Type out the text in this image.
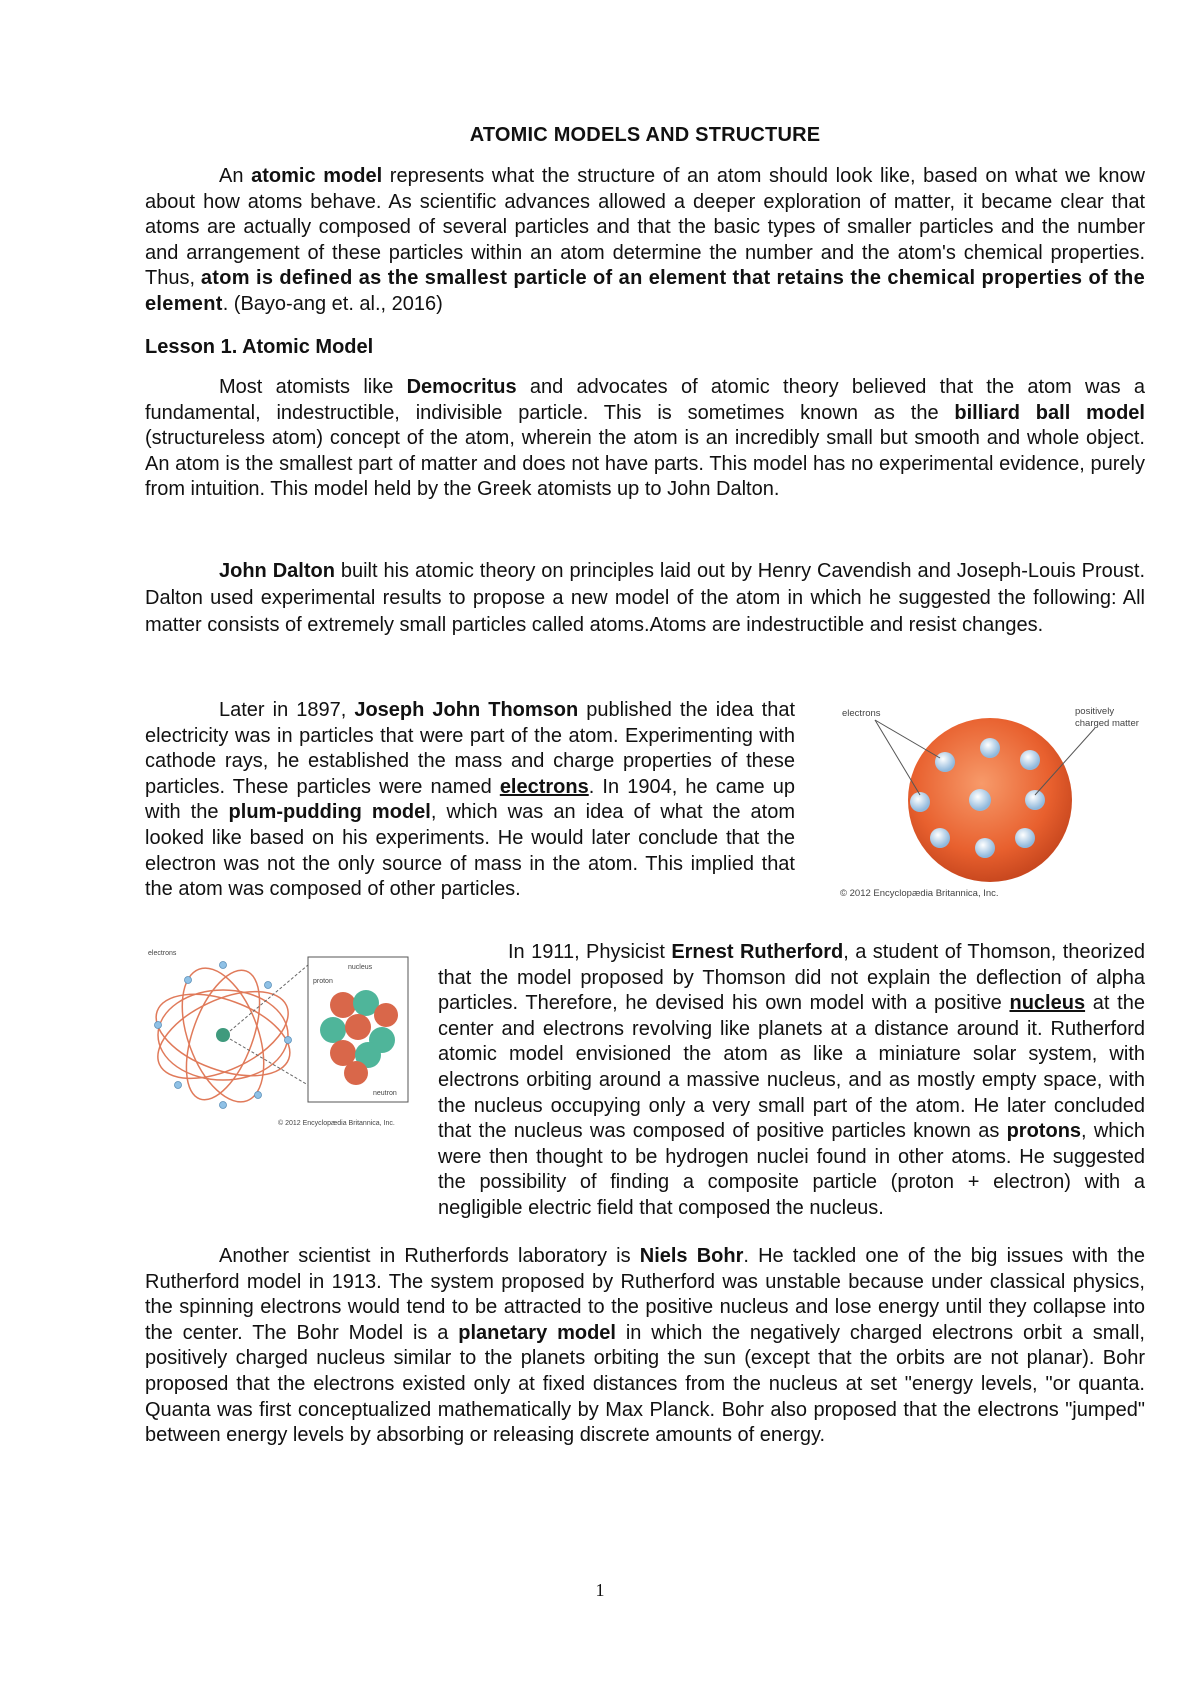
ATOMIC MODELS AND STRUCTURE

An atomic model represents what the structure of an atom should look like, based on what we know about how atoms behave. As scientific advances allowed a deeper exploration of matter, it became clear that atoms are actually composed of several particles and that the basic types of smaller particles and the number and arrangement of these particles within an atom determine the number and the atom's chemical properties. Thus, atom is defined as the smallest particle of an element that retains the chemical properties of the element. (Bayo-ang et. al., 2016)

Lesson 1. Atomic Model

Most atomists like Democritus and advocates of atomic theory believed that the atom was a fundamental, indestructible, indivisible particle. This is sometimes known as the billiard ball model (structureless atom) concept of the atom, wherein the atom is an incredibly small but smooth and whole object. An atom is the smallest part of matter and does not have parts. This model has no experimental evidence, purely from intuition. This model held by the Greek atomists up to John Dalton.

John Dalton built his atomic theory on principles laid out by Henry Cavendish and Joseph-Louis Proust. Dalton used experimental results to propose a new model of the atom in which he suggested the following: All matter consists of extremely small particles called atoms.Atoms are indestructible and resist changes.

Later in 1897, Joseph John Thomson published the idea that electricity was in particles that were part of the atom. Experimenting with cathode rays, he established the mass and charge properties of these particles. These particles were named electrons. In 1904, he came up with the plum-pudding model, which was an idea of what the atom looked like based on his experiments. He would later conclude that the electron was not the only source of mass in the atom. This implied that the atom was composed of other particles.

electrons	positively
charged matter
© 2012 Encyclopædia Britannica, Inc.
electrons
nucleus
proton
neutron
© 2012 Encyclopædia Britannica, Inc.

In 1911, Physicist Ernest Rutherford, a student of Thomson, theorized that the model proposed by Thomson did not explain the deflection of alpha particles. Therefore, he devised his own model with a positive nucleus at the center and electrons revolving like planets at a distance around it. Rutherford atomic model envisioned the atom as like a miniature solar system, with electrons orbiting around a massive nucleus, and as mostly empty space, with the nucleus occupying only a very small part of the atom. He later concluded that the nucleus was composed of positive particles known as protons, which were then thought to be hydrogen nuclei found in other atoms. He suggested the possibility of finding a composite particle (proton + electron) with a negligible electric field that composed the nucleus.

Another scientist in Rutherfords laboratory is Niels Bohr. He tackled one of the big issues with the Rutherford model in 1913. The system proposed by Rutherford was unstable because under classical physics, the spinning electrons would tend to be attracted to the positive nucleus and lose energy until they collapse into the center. The Bohr Model is a planetary model in which the negatively charged electrons orbit a small, positively charged nucleus similar to the planets orbiting the sun (except that the orbits are not planar). Bohr proposed that the electrons existed only at fixed distances from the nucleus at set "energy levels, "or quanta. Quanta was first conceptualized mathematically by Max Planck. Bohr also proposed that the electrons "jumped" between energy levels by absorbing or releasing discrete amounts of energy.

1
